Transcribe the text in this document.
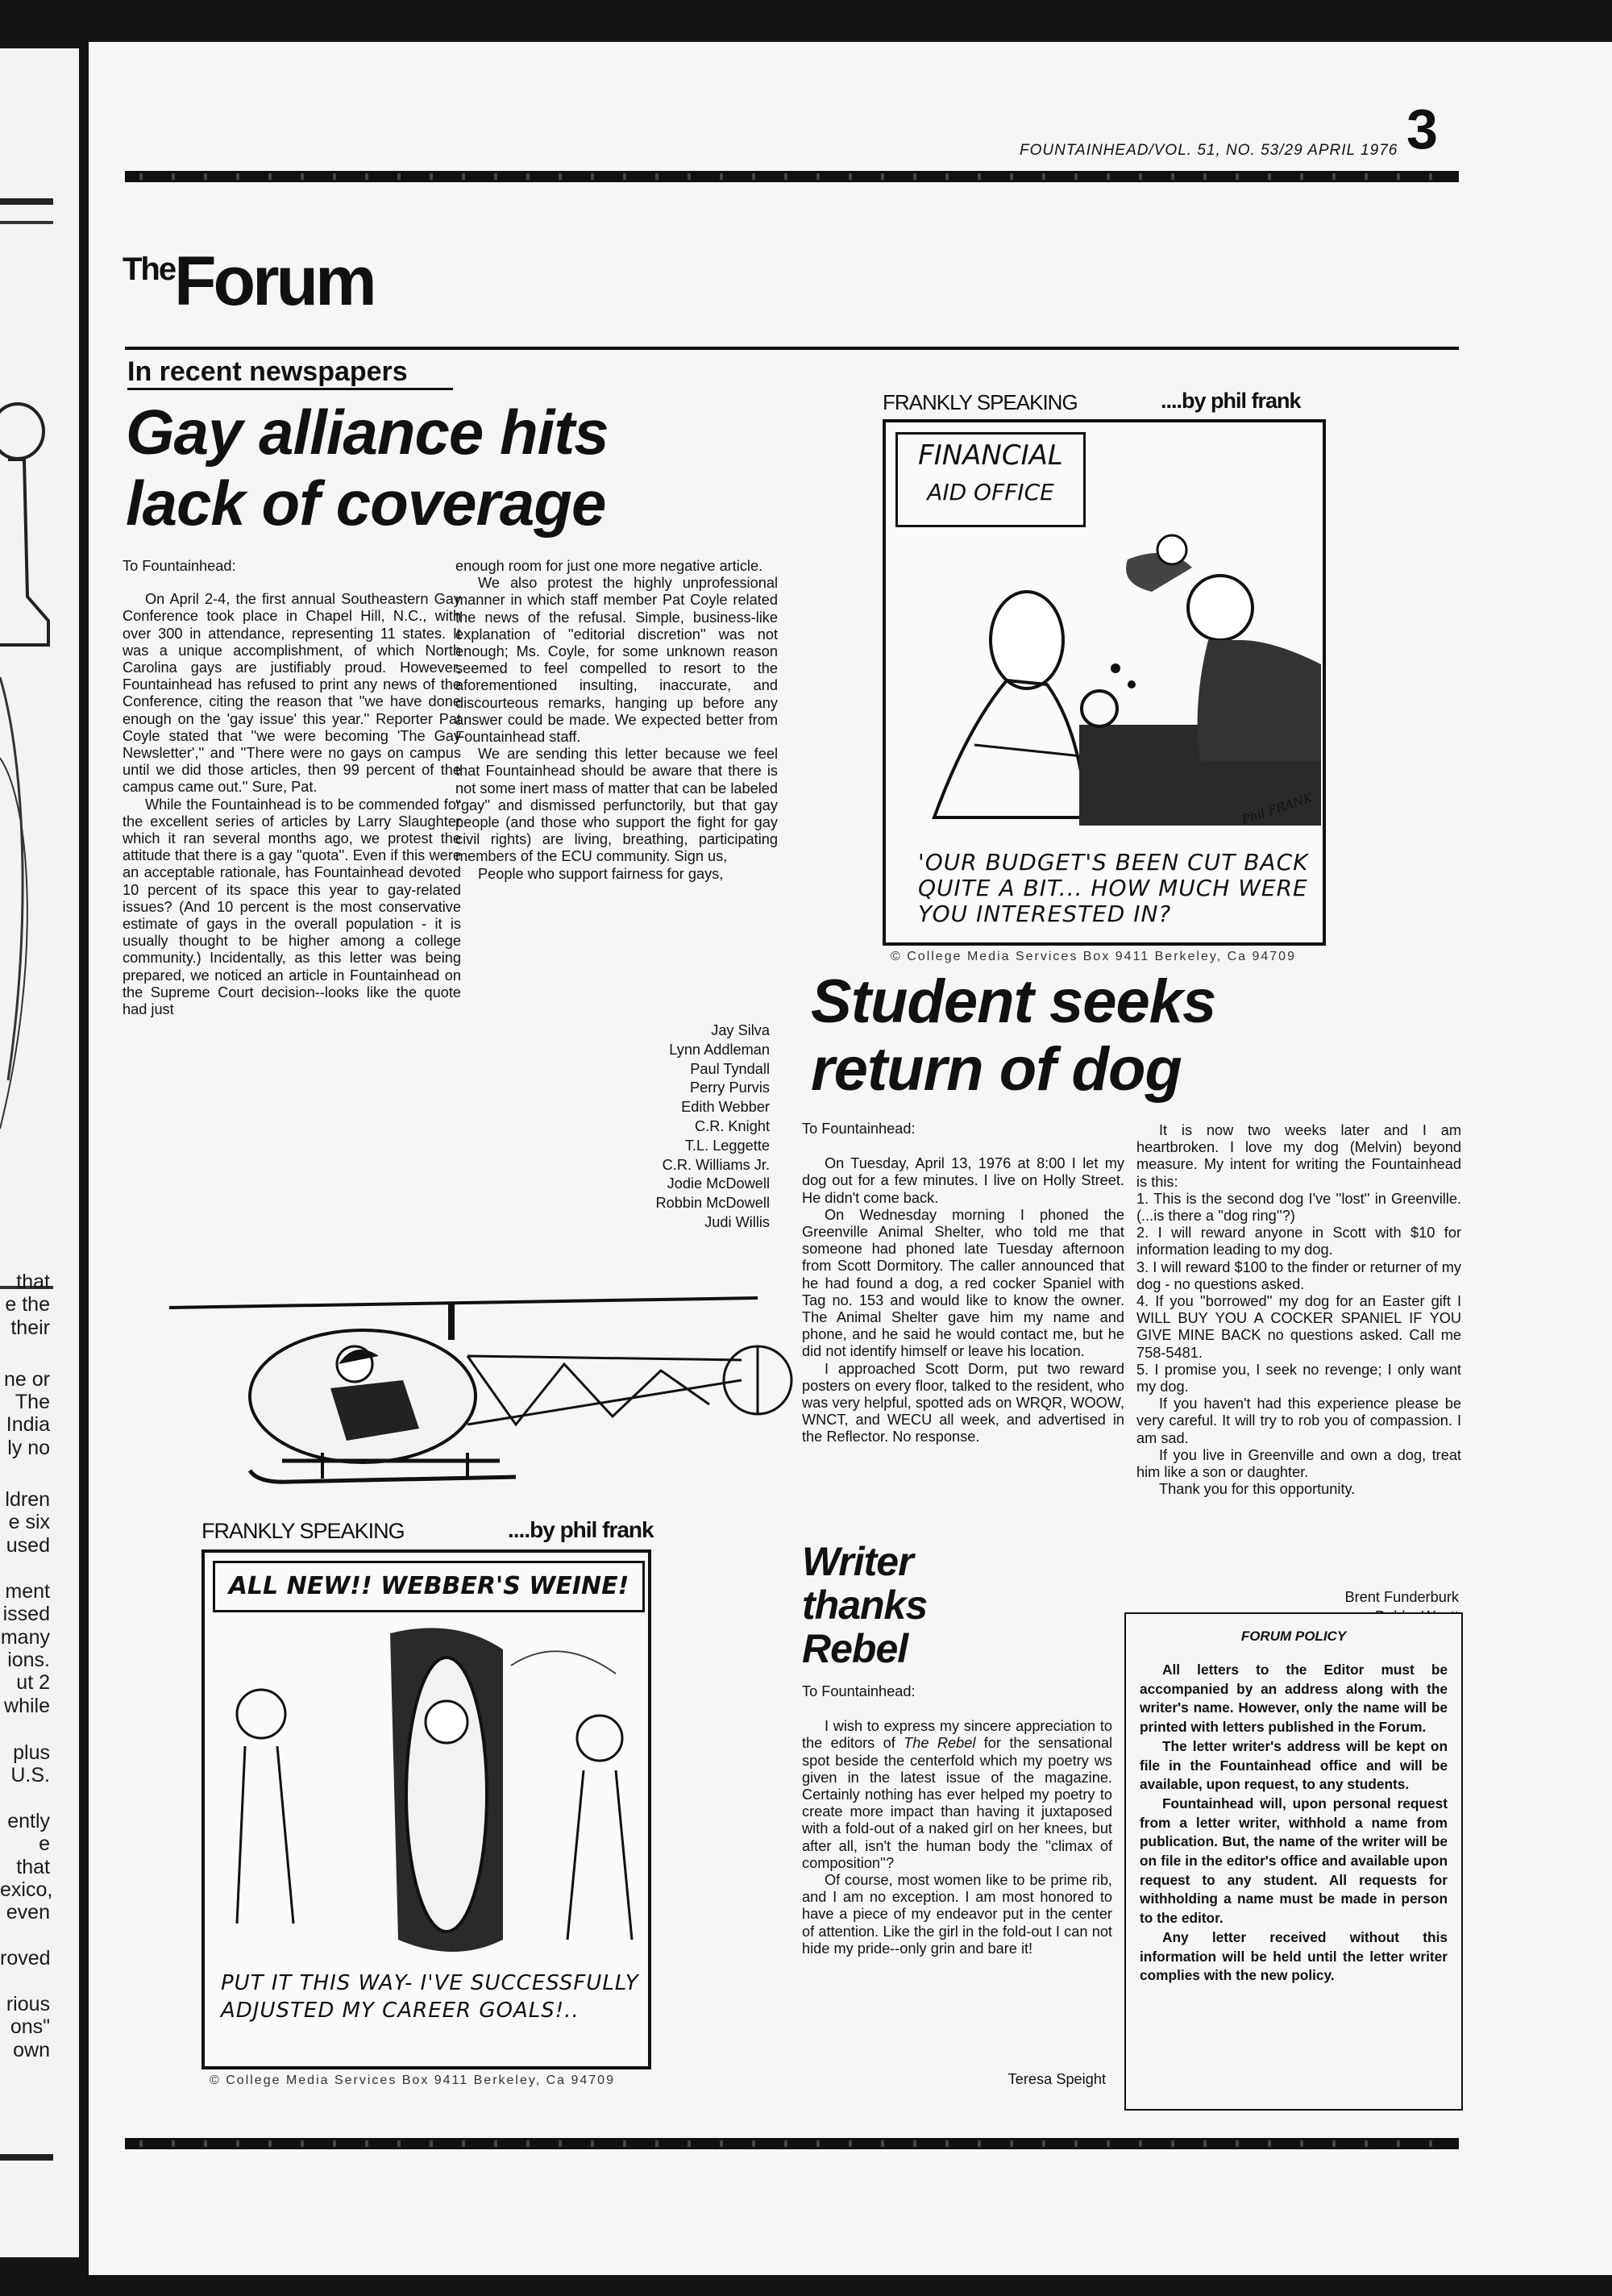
that
e the
their
ne or
The
India
ly no
ldren
e six
used
ment
issed
many
ions.
ut 2
while
plus
U.S.
ently
e that
exico,
even
roved
rious
ons"
own
FOUNTAINHEAD/VOL. 51, NO. 53/29 APRIL 1976 3
The
Forum
In recent newspapers
Gay alliance hits
lack of coverage

To Fountainhead:

On April 2-4, the first annual Southeastern Gay Conference took place in Chapel Hill, N.C., with over 300 in attendance, representing 11 states. It was a unique accomplishment, of which North Carolina gays are justifiably proud. However, Fountainhead has refused to print any news of the Conference, citing the reason that ''we have done enough on the 'gay issue' this year.'' Reporter Pat Coyle stated that ''we were becoming 'The Gay Newsletter','' and ''There were no gays on campus until we did those articles, then 99 percent of the campus came out.'' Sure, Pat.

While the Fountainhead is to be commended for the excellent series of articles by Larry Slaughter which it ran several months ago, we protest the attitude that there is a gay ''quota''. Even if this were an acceptable rationale, has Fountainhead devoted 10 percent of its space this year to gay-related issues? (And 10 percent is the most conservative estimate of gays in the overall population - it is usually thought to be higher among a college community.) Incidentally, as this letter was being prepared, we noticed an article in Fountainhead on the Supreme Court decision--looks like the quote had just

enough room for just one more negative article.

We also protest the highly unprofessional manner in which staff member Pat Coyle related the news of the refusal. Simple, business-like explanation of ''editorial discretion'' was not enough; Ms. Coyle, for some unknown reason seemed to feel compelled to resort to the aforementioned insulting, inaccurate, and discourteous remarks, hanging up before any answer could be made. We expected better from Fountainhead staff.

We are sending this letter because we feel that Fountainhead should be aware that there is not some inert mass of matter that can be labeled ''gay'' and dismissed perfunctorily, but that gay people (and those who support the fight for gay civil rights) are living, breathing, participating members of the ECU community. Sign us,

People who support fairness for gays,

Jay Silva
Lynn Addleman
Paul Tyndall
Perry Purvis
Edith Webber
C.R. Knight
T.L. Leggette
C.R. Williams Jr.
Jodie McDowell
Robbin McDowell
Judi Willis
FRANKLY SPEAKING	....by phil frank
ALL NEW!! WEBBER'S WEINE!
PUT IT THIS WAY- I'VE SUCCESSFULLY
ADJUSTED MY CAREER GOALS!..
© College Media Services Box 9411 Berkeley, Ca 94709
FRANKLY SPEAKING	....by phil frank
FINANCIAL
AID OFFICE
Phil FRANK
'OUR BUDGET'S BEEN CUT BACK
QUITE A BIT... HOW MUCH WERE
YOU INTERESTED IN?
© College Media Services Box 9411 Berkeley, Ca 94709
Student seeks
return of dog

To Fountainhead:

On Tuesday, April 13, 1976 at 8:00 I let my dog out for a few minutes. I live on Holly Street. He didn't come back.

On Wednesday morning I phoned the Greenville Animal Shelter, who told me that someone had phoned late Tuesday afternoon from Scott Dormitory. The caller announced that he had found a dog, a red cocker Spaniel with Tag no. 153 and would like to know the owner. The Animal Shelter gave him my name and phone, and he said he would contact me, but he did not identify himself or leave his location.

I approached Scott Dorm, put two reward posters on every floor, talked to the resident, who was very helpful, spotted ads on WRQR, WOOW, WNCT, and WECU all week, and advertised in the Reflector. No response.

It is now two weeks later and I am heartbroken. I love my dog (Melvin) beyond measure. My intent for writing the Fountainhead is this:

1. This is the second dog I've ''lost'' in Greenville. (...is there a ''dog ring''?)

2. I will reward anyone in Scott with $10 for information leading to my dog.

3. I will reward $100 to the finder or returner of my dog - no questions asked.

4. If you ''borrowed'' my dog for an Easter gift I WILL BUY YOU A COCKER SPANIEL IF YOU GIVE MINE BACK no questions asked. Call me 758-5481.

5. I promise you, I seek no revenge; I only want my dog.

If you haven't had this experience please be very careful. It will try to rob you of compassion. I am sad.

If you live in Greenville and own a dog, treat him like a son or daughter.

Thank you for this opportunity.

Brent Funderburk
Writer
thanks
Rebel

To Fountainhead:

I wish to express my sincere appreciation to the editors of The Rebel for the sensational spot beside the centerfold which my poetry ws given in the latest issue of the magazine. Certainly nothing has ever helped my poetry to create more impact than having it juxtaposed with a fold-out of a naked girl on her knees, but after all, isn't the human body the ''climax of composition''?

Of course, most women like to be prime rib, and I am no exception. I am most honored to have a piece of my endeavor put in the center of attention. Like the girl in the fold-out I can not hide my pride--only grin and bare it!

Teresa Speight
FORUM POLICY

All letters to the Editor must be accompanied by an address along with the writer's name. However, only the name will be printed with letters published in the Forum.

The letter writer's address will be kept on file in the Fountainhead office and will be available, upon request, to any students.

Fountainhead will, upon personal request from a letter writer, withhold a name from publication. But, the name of the writer will be on file in the editor's office and available upon request to any student. All requests for withholding a name must be made in person to the editor.

Any letter received without this information will be held until the letter writer complies with the new policy.
